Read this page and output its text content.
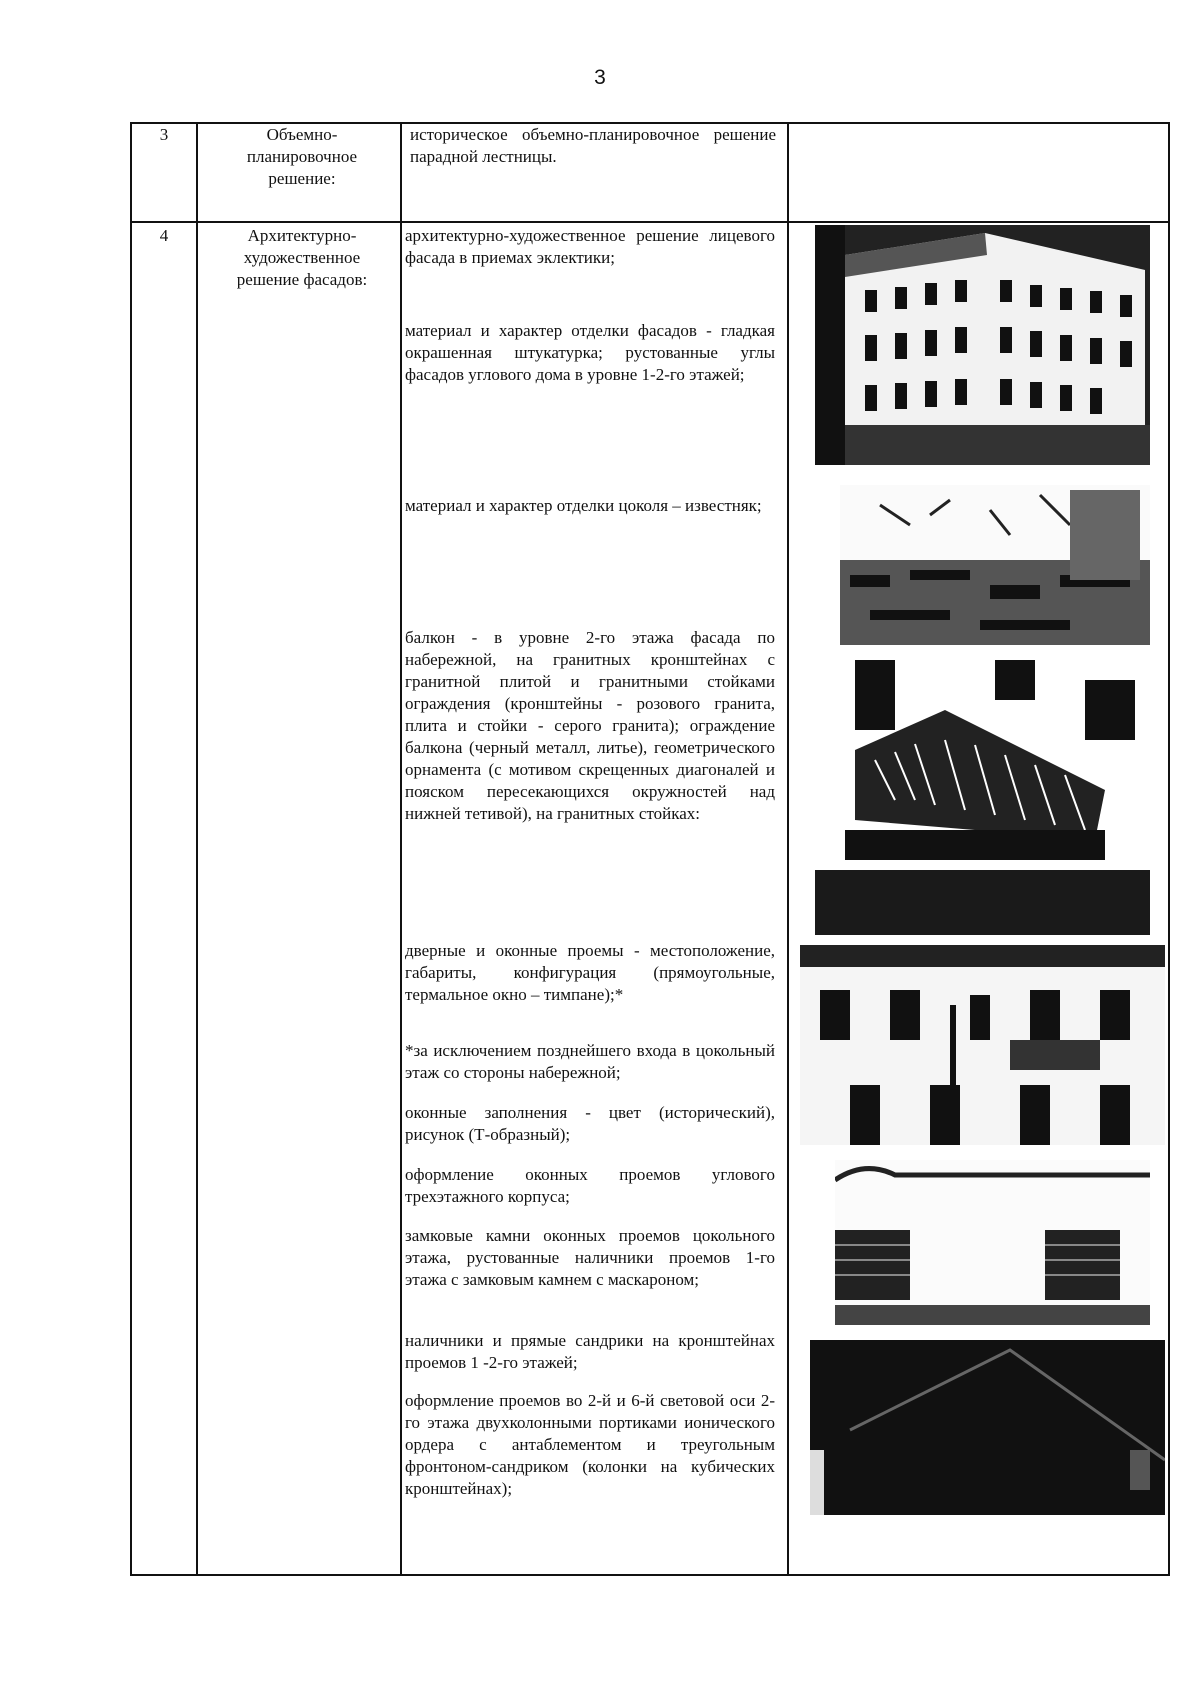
3
3	Объемно-планировочное решение:

историческое объемно-планировочное решение парадной лестницы.

4	Архитектурно-художественное решение фасадов:
архитектурно-художественное решение лицевого фасада в приемах эклектики;
материал и характер отделки фасадов - гладкая окрашенная штукатурка; рустованные углы фасадов углового дома в уровне 1-2-го этажей;
материал и характер отделки цоколя – известняк;
балкон - в уровне 2-го этажа фасада по набережной, на гранитных кронштейнах с гранитной плитой и гранитными стойками ограждения (кронштейны - розового гранита, плита и стойки - серого гранита); ограждение балкона (черный металл, литье), геометрического орнамента (с мотивом скрещенных диагоналей и пояском пересекающихся окружностей над нижней тетивой), на гранитных стойках:
дверные и оконные проемы - местоположение, габариты, конфигурация (прямоугольные, термальное окно – тимпане);*
*за исключением позднейшего входа в цокольный этаж со стороны набережной;
оконные заполнения - цвет (исторический), рисунок (Т-образный);
оформление оконных проемов углового трехэтажного корпуса;
замковые камни оконных проемов цокольного этажа, рустованные наличники проемов 1-го этажа с замковым камнем с маскароном;
наличники и прямые сандрики на кронштейнах проемов 1 -2-го этажей;
оформление проемов во 2-й и 6-й световой оси 2-го этажа двухколонными портиками ионического ордера с антаблементом и треугольным фронтоном-сандриком (колонки на кубических кронштейнах);
